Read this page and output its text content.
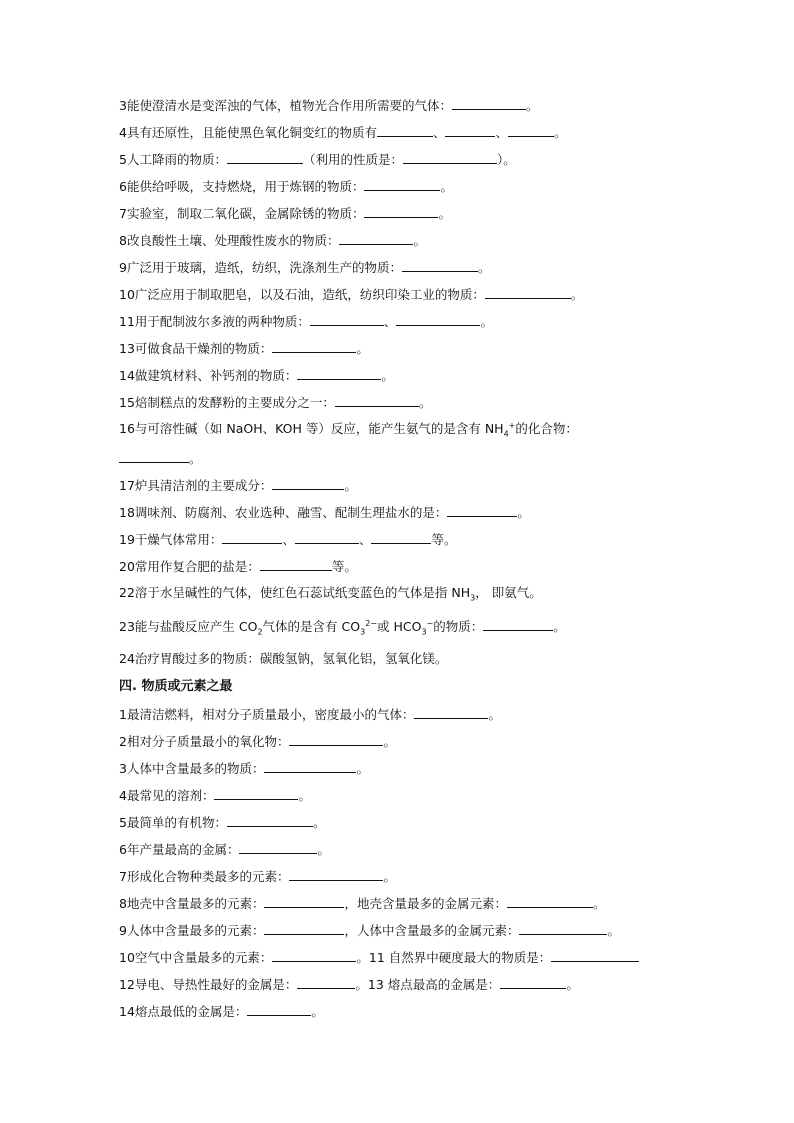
3能使澄清水是变浑浊的气体，植物光合作用所需要的气体：	。
4具有还原性，且能使黑色氧化铜变红的物质有	、	、	。
5人工降雨的物质：	（利用的性质是：	）。
6能供给呼吸，支持燃烧，用于炼钢的物质：	。
7实验室，制取二氧化碳，金属除锈的物质：	。
8改良酸性土壤、处理酸性废水的物质：	。
9广泛用于玻璃，造纸，纺织，洗涤剂生产的物质：	。
10广泛应用于制取肥皂，以及石油，造纸，纺织印染工业的物质：	。
11用于配制波尔多液的两种物质：	、	。
13可做食品干燥剂的物质：	。
14做建筑材料、补钙剂的物质：	。
15焙制糕点的发酵粉的主要成分之一：	。
16与可溶性碱（如 NaOH、KOH 等）反应，能产生氨气的是含有 $NH_4^+$的化合物：
。
17炉具清洁剂的主要成分：	。
18调味剂、防腐剂、农业选种、融雪、配制生理盐水的是：	。
19干燥气体常用：	、	、	等。
20常用作复合肥的盐是：	等。
22溶于水呈碱性的气体，使红色石蕊试纸变蓝色的气体是指 $NH_3$， 即氨气。
23能与盐酸反应产生 $CO_2$气体的是含有 $CO_3^{2-}$或 $HCO_3^-$的物质：	。
24治疗胃酸过多的物质：碳酸氢钠，氢氧化铝，氢氧化镁。
四. 物质或元素之最
1最清洁燃料，相对分子质量最小，密度最小的气体：	。
2相对分子质量最小的氧化物：	。
3人体中含量最多的物质：	。
4最常见的溶剂：	。
5最简单的有机物：	。
6年产量最高的金属：	。
7形成化合物种类最多的元素：	。
8地壳中含量最多的元素：	，地壳含量最多的金属元素：	。
9人体中含量最多的元素：	，人体中含量最多的金属元素：	。
10空气中含量最多的元素：	。11 自然界中硬度最大的物质是：
12导电、导热性最好的金属是：	。13 熔点最高的金属是：	。
14熔点最低的金属是：	。
